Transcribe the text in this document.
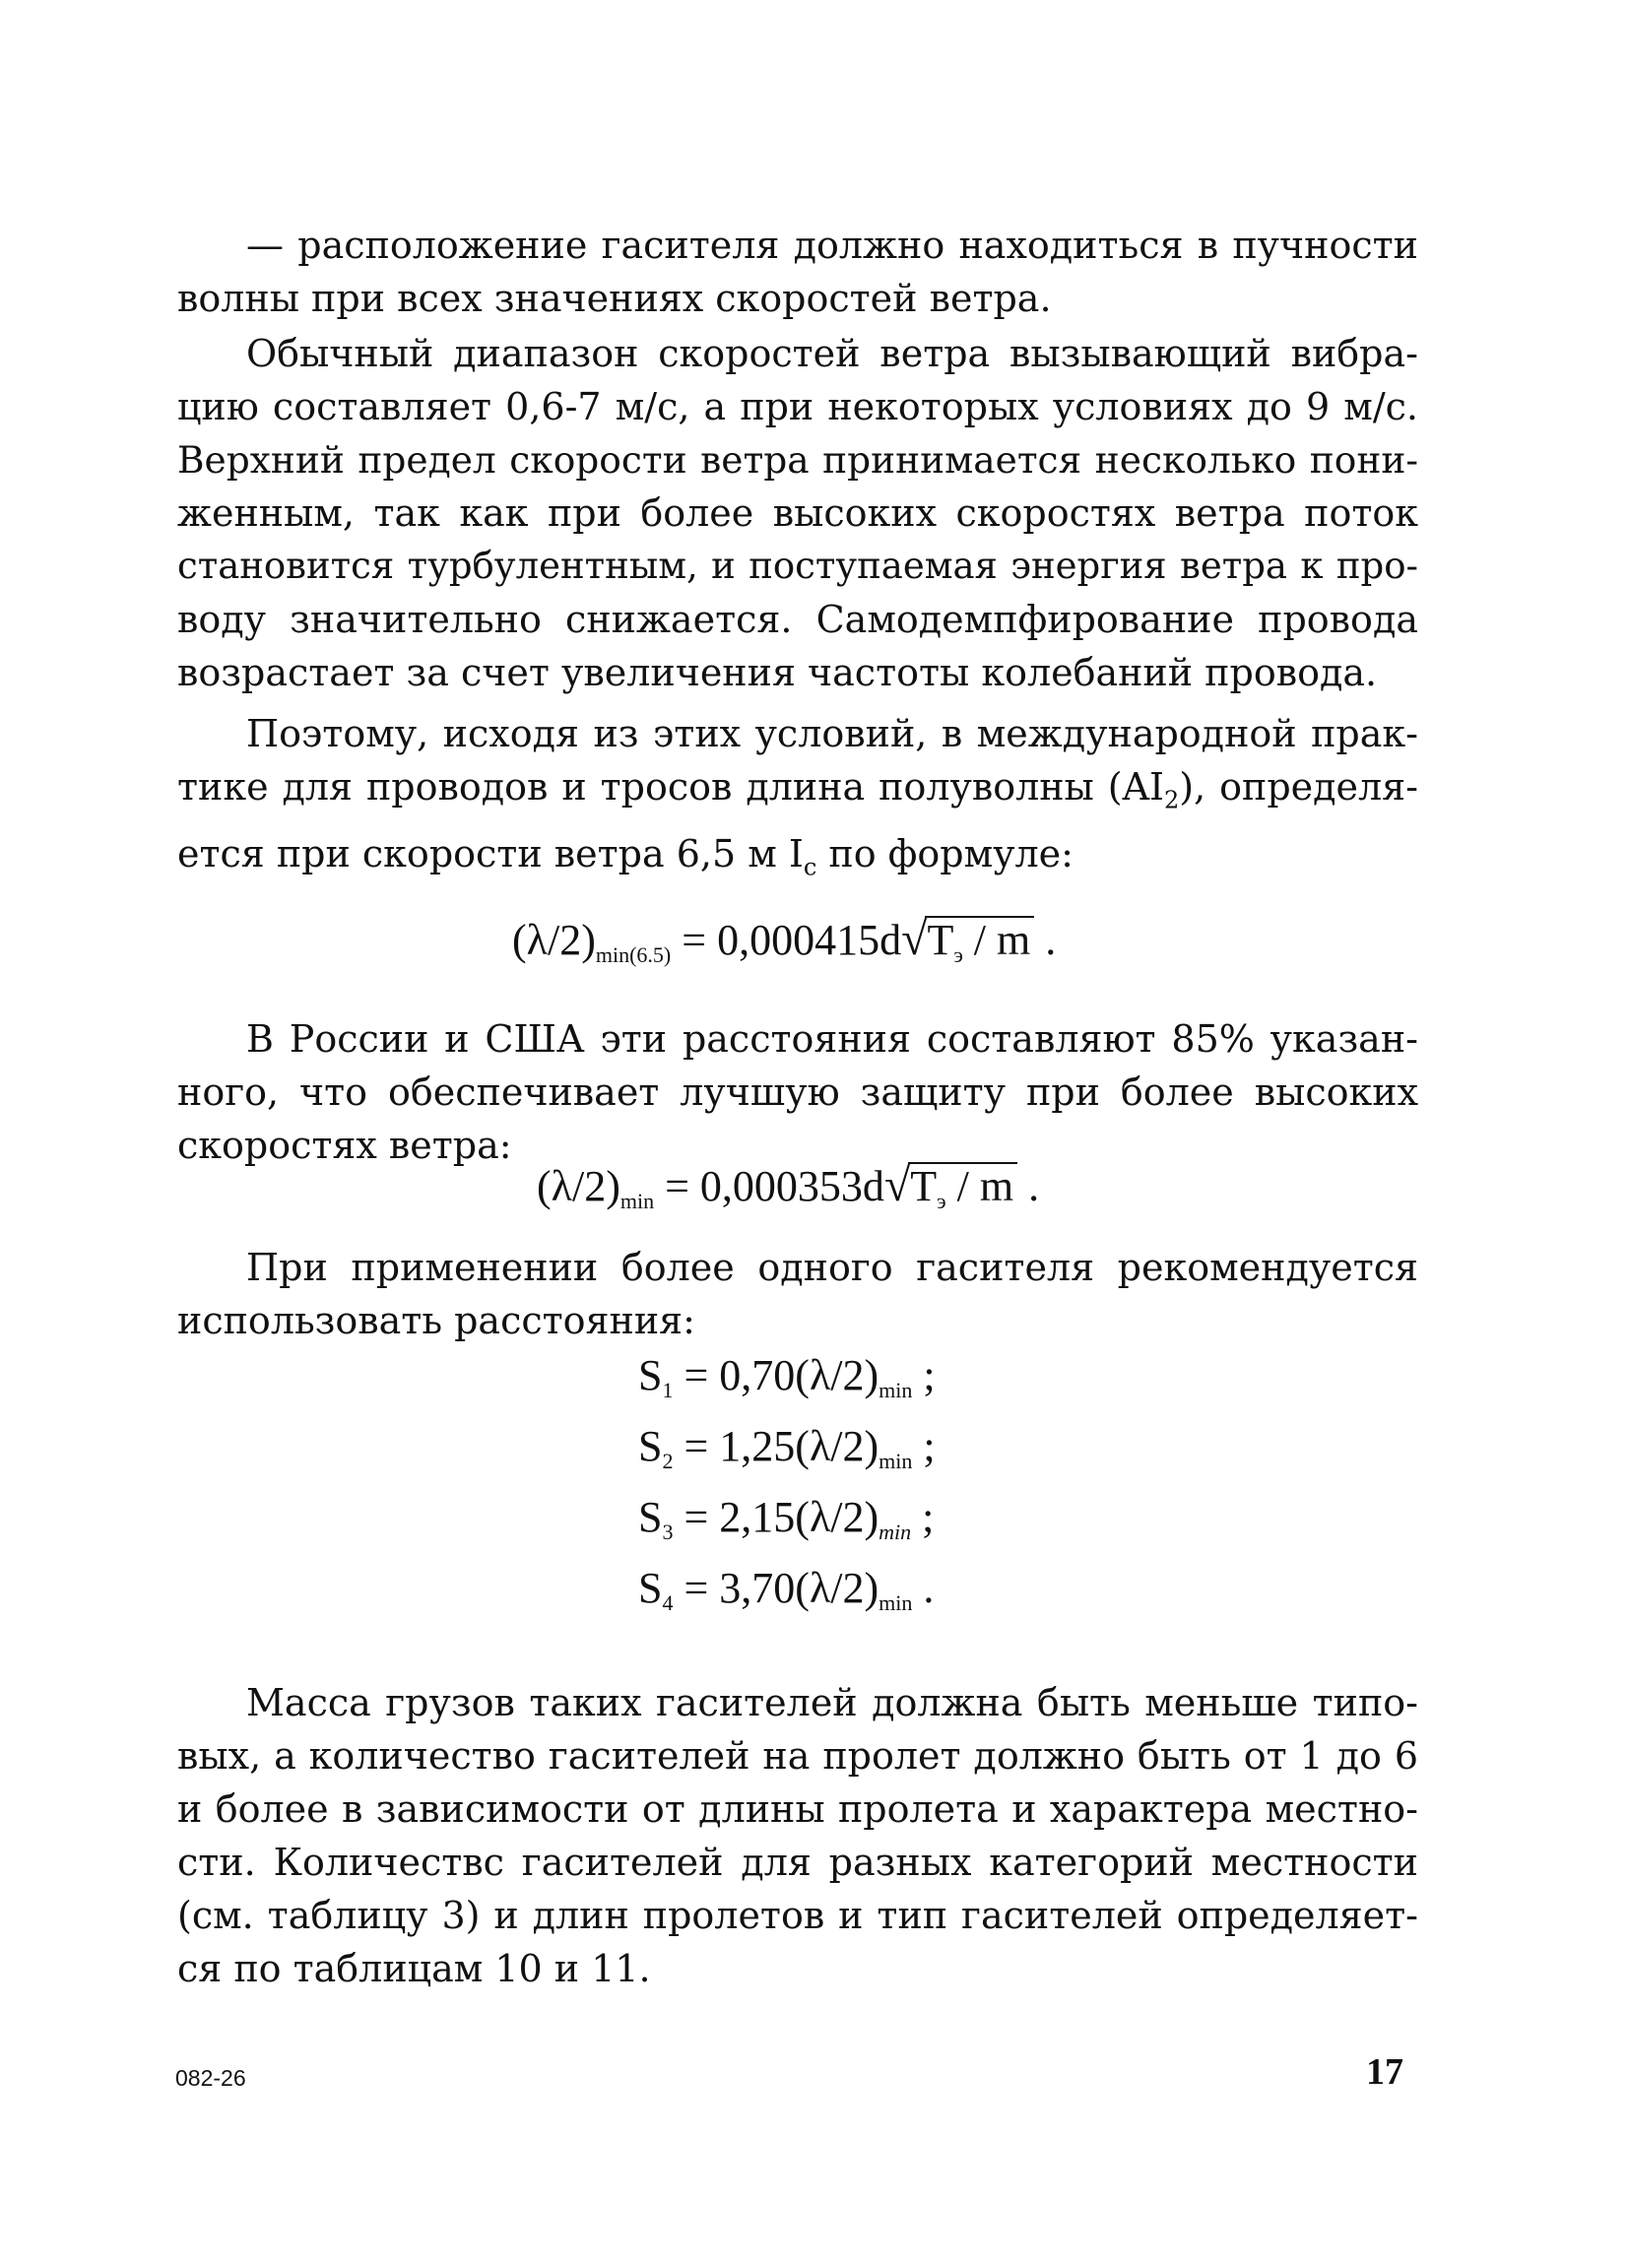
— расположение гасителя должно находиться в пучности
волны при всех значениях скоростей ветра.
Обычный диапазон скоростей ветра вызывающий вибра-
цию составляет 0,6-7 м/с, а при некоторых условиях до 9 м/с.
Верхний предел скорости ветра принимается несколько пони-
женным, так как при более высоких скоростях ветра поток
становится турбулентным, и поступаемая энергия ветра к про-
воду значительно снижается. Самодемпфирование провода
возрастает за счет увеличения частоты колебаний провода.
Поэтому, исходя из этих условий, в международной прак-
тике для проводов и тросов длина полуволны $(AI_2)$, определя-
ется при скорости ветра 6,5 м $I_c$ по формуле:
$(\lambda/2)_{min(6.5)} = 0,000415d√T_э / m$ .
В России и США эти расстояния составляют 85% указан-
ного, что обеспечивает лучшую защиту при более высоких
скоростях ветра:
$(\lambda/2)_{min} = 0,000353d√T_э / m$ .
При применении более одного гасителя рекомендуется
использовать расстояния:
$S_1 = 0,70(\lambda/2)_{min}$ ;
$S_2 = 1,25(\lambda/2)_{min}$ ;
$S_3 = 2,15(\lambda/2)_{min}$ ;
$S_4 = 3,70(\lambda/2)_{min}$ .
Масса грузов таких гасителей должна быть меньше типо-
вых, а количество гасителей на пролет должно быть от 1 до 6
и более в зависимости от длины пролета и характера местно-
сти. Количествс гасителей для разных категорий местности
(см. таблицу 3) и длин пролетов и тип гасителей определяет-
ся по таблицам 10 и 11.
082-26	17
